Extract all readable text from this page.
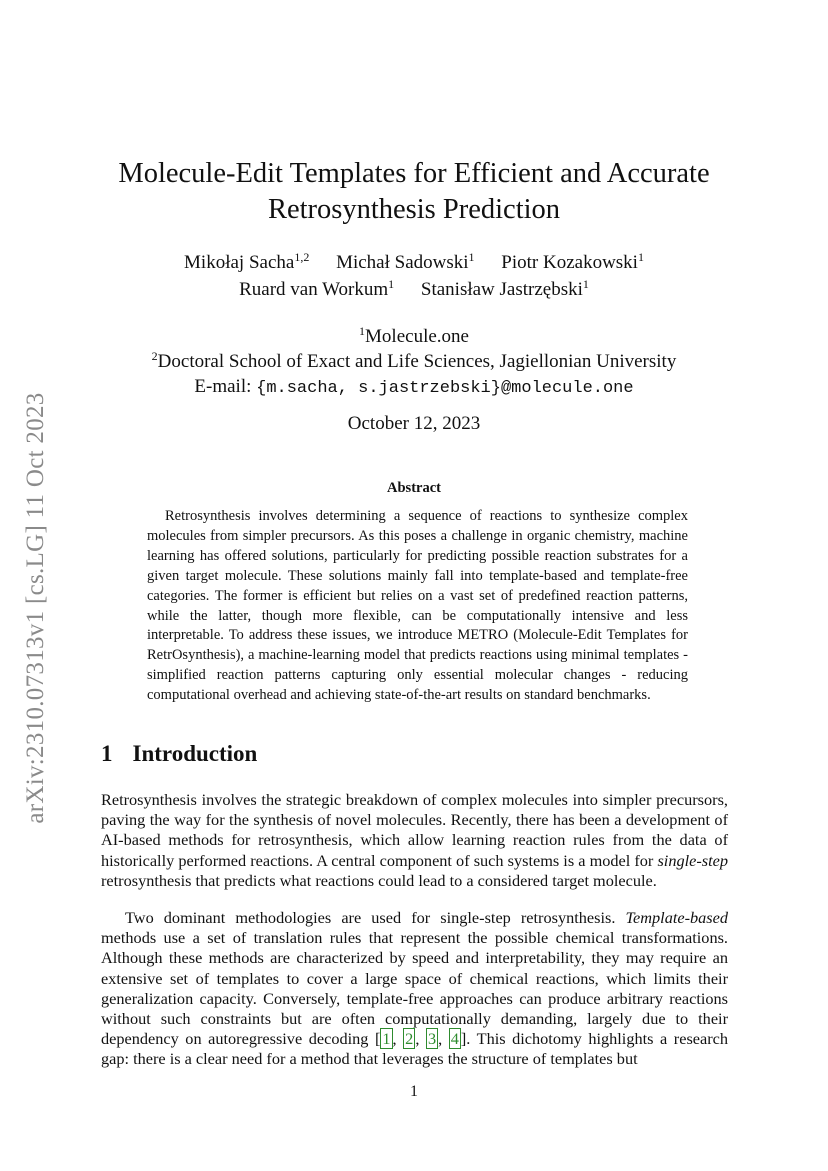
arXiv:2310.07313v1 [cs.LG] 11 Oct 2023
Molecule-Edit Templates for Efficient and Accurate
Retrosynthesis Prediction
Mikołaj Sacha$^{1,2}$ Michał Sadowski$^1$ Piotr Kozakowski$^1$
Ruard van Workum$^1$ Stanisław Jastrzębski$^1$
$^1$Molecule.one
$^2$Doctoral School of Exact and Life Sciences, Jagiellonian University
E-mail: {m.sacha, s.jastrzebski}@molecule.one
October 12, 2023
Abstract
Retrosynthesis involves determining a sequence of reactions to synthesize complex molecules from simpler precursors. As this poses a challenge in organic chemistry, machine learning has offered solutions, particularly for predicting possible reaction substrates for a given target molecule. These solutions mainly fall into template-based and template-free categories. The former is efficient but relies on a vast set of predefined reaction patterns, while the latter, though more flexible, can be computationally intensive and less interpretable. To address these issues, we introduce METRO (Molecule-Edit Templates for RetrOsynthesis), a machine-learning model that predicts reactions using minimal templates - simplified reaction patterns capturing only essential molecular changes - reducing computational overhead and achieving state-of-the-art results on standard benchmarks.
1 Introduction
Retrosynthesis involves the strategic breakdown of complex molecules into simpler precursors, paving the way for the synthesis of novel molecules. Recently, there has been a development of AI-based methods for retrosynthesis, which allow learning reaction rules from the data of historically performed reactions. A central component of such systems is a model for single-step retrosynthesis that predicts what reactions could lead to a considered target molecule.
Two dominant methodologies are used for single-step retrosynthesis. Template-based methods use a set of translation rules that represent the possible chemical transformations. Although these methods are characterized by speed and interpretability, they may require an extensive set of templates to cover a large space of chemical reactions, which limits their generalization capacity. Conversely, template-free approaches can produce arbitrary reactions without such constraints but are often computationally demanding, largely due to their dependency on autoregressive decoding [ 1 , 2 , 3 , 4 ]. This dichotomy highlights a research gap: there is a clear need for a method that leverages the structure of templates but
1
